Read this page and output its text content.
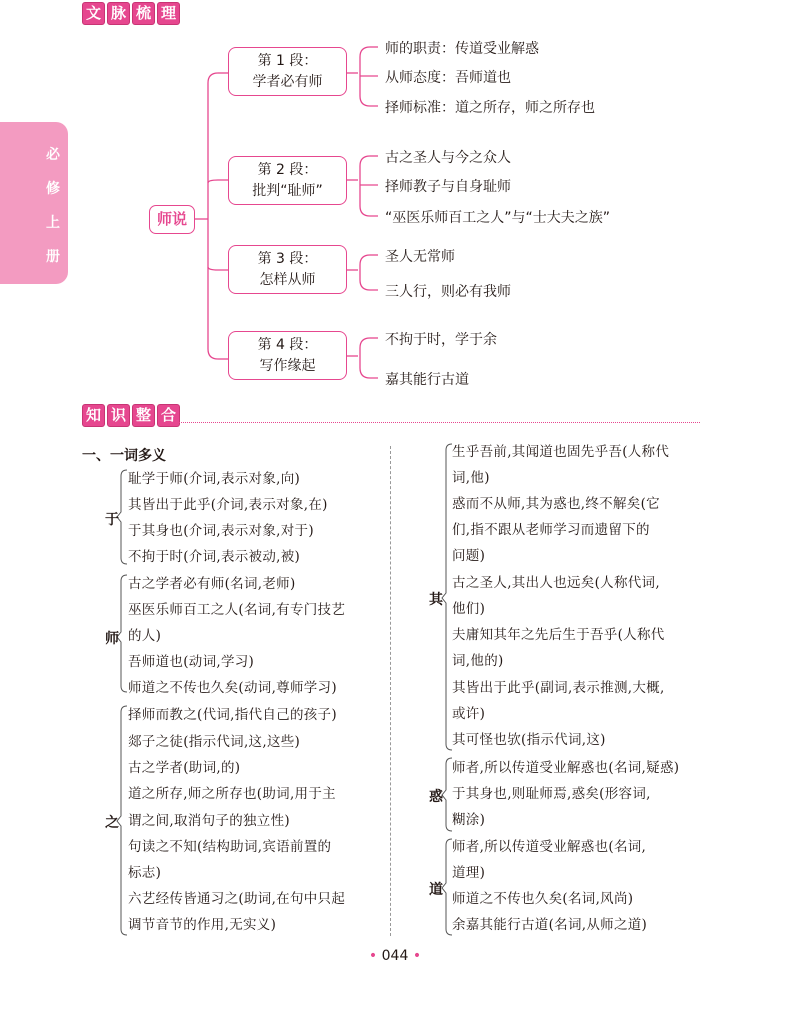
文 脉 梳 理
必
修
上
册
师说
第 1 段：
学者必有师
第 2 段：
批判“耻师”
第 3 段：
怎样从师
第 4 段：
写作缘起
师的职责：传道受业解惑
从师态度：吾师道也
择师标准：道之所存，师之所存也
古之圣人与今之众人
择师教子与自身耻师
“巫医乐师百工之人”与“士大夫之族”
圣人无常师
三人行，则必有我师
不拘于时，学于余
嘉其能行古道
知 识 整 合
一、一词多义
于
耻学于师(介词,表示对象,向)
其皆出于此乎(介词,表示对象,在)
于其身也(介词,表示对象,对于)
不拘于时(介词,表示被动,被)
师
古之学者必有师(名词,老师)
巫医乐师百工之人(名词,有专门技艺
的人)
吾师道也(动词,学习)
师道之不传也久矣(动词,尊师学习)
之
择师而教之(代词,指代自己的孩子)
郯子之徒(指示代词,这,这些)
古之学者(助词,的)
道之所存,师之所存也(助词,用于主
谓之间,取消句子的独立性)
句读之不知(结构助词,宾语前置的
标志)
六艺经传皆通习之(助词,在句中只起
调节音节的作用,无实义)
其
生乎吾前,其闻道也固先乎吾(人称代
词,他)
惑而不从师,其为惑也,终不解矣(它
们,指不跟从老师学习而遗留下的
问题)
古之圣人,其出人也远矣(人称代词,
他们)
夫庸知其年之先后生于吾乎(人称代
词,他的)
其皆出于此乎(副词,表示推测,大概,
或许)
其可怪也欤(指示代词,这)
惑
师者,所以传道受业解惑也(名词,疑惑)
于其身也,则耻师焉,惑矣(形容词,
糊涂)
道
师者,所以传道受业解惑也(名词,
道理)
师道之不传也久矣(名词,风尚)
余嘉其能行古道(名词,从师之道)
• 044 •
